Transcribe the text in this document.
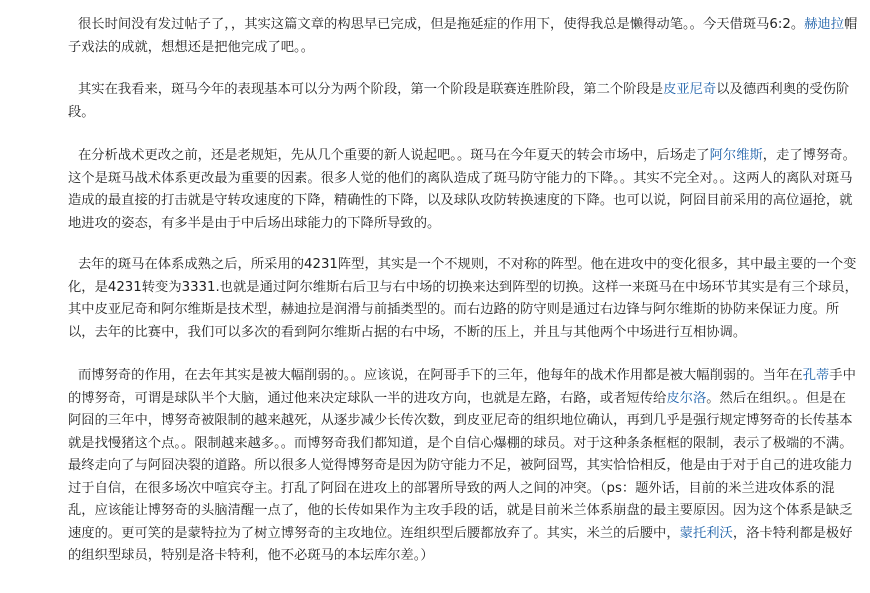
很长时间没有发过帖子了，，其实这篇文章的构思早已完成，但是拖延症的作用下，使得我总是懒得动笔。。今天借斑马6:2。赫迪拉帽子戏法的成就，想想还是把他完成了吧。。

其实在我看来，斑马今年的表现基本可以分为两个阶段，第一个阶段是联赛连胜阶段，第二个阶段是皮亚尼奇以及德西利奥的受伤阶段。

在分析战术更改之前，还是老规矩，先从几个重要的新人说起吧。。斑马在今年夏天的转会市场中，后场走了阿尔维斯，走了博努奇。这个是斑马战术体系更改最为重要的因素。很多人觉的他们的离队造成了斑马防守能力的下降。。其实不完全对。。这两人的离队对斑马造成的最直接的打击就是守转攻速度的下降，精确性的下降，以及球队攻防转换速度的下降。也可以说，阿囧目前采用的高位逼抢，就地进攻的姿态，有多半是由于中后场出球能力的下降所导致的。

去年的斑马在体系成熟之后，所采用的4231阵型，其实是一个不规则，不对称的阵型。他在进攻中的变化很多，其中最主要的一个变化，是4231转变为3331.也就是通过阿尔维斯右后卫与右中场的切换来达到阵型的切换。这样一来斑马在中场环节其实是有三个球员，其中皮亚尼奇和阿尔维斯是技术型，赫迪拉是润滑与前插类型的。而右边路的防守则是通过右边锋与阿尔维斯的协防来保证力度。所以，去年的比赛中，我们可以多次的看到阿尔维斯占据的右中场，不断的压上，并且与其他两个中场进行互相协调。

而博努奇的作用，在去年其实是被大幅削弱的。。应该说，在阿哥手下的三年，他每年的战术作用都是被大幅削弱的。当年在孔蒂手中的博努奇，可谓是球队半个大脑，通过他来决定球队一半的进攻方向，也就是左路，右路，或者短传给皮尔洛。然后在组织。。但是在阿囧的三年中，博努奇被限制的越来越死，从逐步减少长传次数，到皮亚尼奇的组织地位确认，再到几乎是强行规定博努奇的长传基本就是找慢猪这个点。。限制越来越多。。而博努奇我们都知道，是个自信心爆棚的球员。对于这种条条框框的限制，表示了极端的不满。最终走向了与阿囧决裂的道路。所以很多人觉得博努奇是因为防守能力不足，被阿囧骂，其实恰恰相反，他是由于对于自己的进攻能力过于自信，在很多场次中喧宾夺主。打乱了阿囧在进攻上的部署所导致的两人之间的冲突。（ps：题外话，目前的米兰进攻体系的混乱，应该能让博努奇的头脑清醒一点了，他的长传如果作为主攻手段的话，就是目前米兰体系崩盘的最主要原因。因为这个体系是缺乏速度的。更可笑的是蒙特拉为了树立博努奇的主攻地位。连组织型后腰都放弃了。其实，米兰的后腰中，蒙托利沃，洛卡特利都是极好的组织型球员，特别是洛卡特利，他不必斑马的本坛库尔差。）
